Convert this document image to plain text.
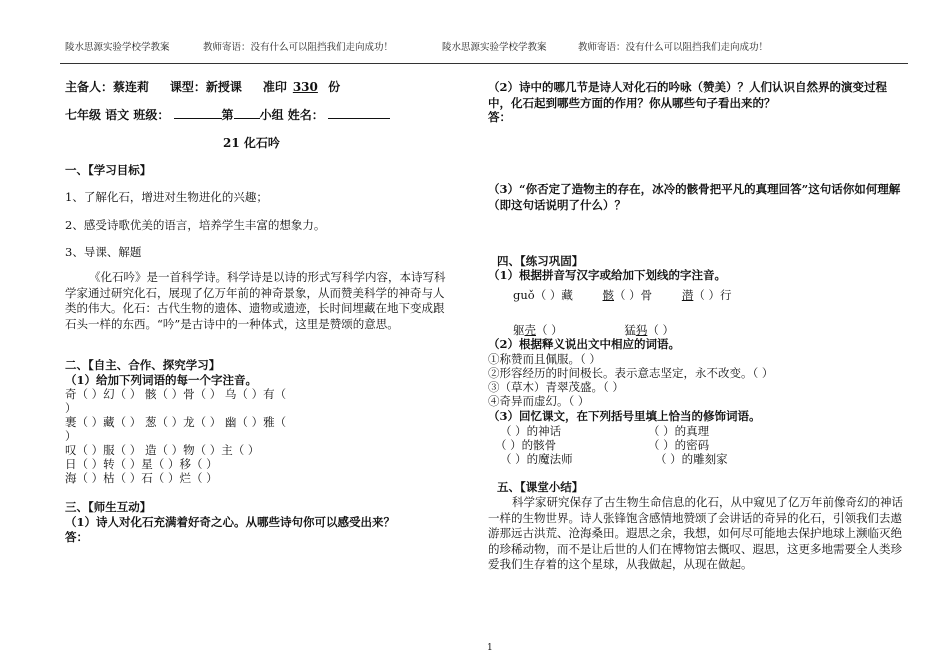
陵水思源实验学校学教案	教师寄语：没有什么可以阻挡我们走向成功！	陵水思源实验学校学教案	教师寄语：没有什么可以阻挡我们走向成功！
主备人：蔡连莉 课型：新授课 准印 330 份
七年级 语文 班级：	第 小组 姓名：
21 化石吟
一、【学习目标】
1、了解化石，增进对生物进化的兴趣；
2、感受诗歌优美的语言，培养学生丰富的想象力。
3、导课、解题
《化石吟》是一首科学诗。科学诗是以诗的形式写科学内容，本诗写科学家通过研究化石，展现了亿万年前的神奇景象，从而赞美科学的神奇与人类的伟大。化石：古代生物的遗体、遗物或遗迹，长时间埋藏在地下变成跟石头一样的东西。“吟”是古诗中的一种体式，这里是赞颂的意思。
二、【自主、合作、探究学习】
（1）给加下列词语的每一个字注音。
奇（ ）幻（ ） 骸（ ）骨（ ） 乌（ ）有（
）
裹（ ）藏（ ） 葱（ ）龙（ ） 幽（ ）雅（
）
叹（ ）服（ ） 造（ ）物（ ）主（ ）
日（ ）转（ ）星（ ）移（ ）
海（ ）枯（ ）石（ ）烂（ ）
三、【师生互动】
（1）诗人对化石充满着好奇之心。从哪些诗句你可以感受出来？
答：
（2）诗中的哪几节是诗人对化石的吟咏（赞美）？人们认识自然界的演变过程中，化石起到哪些方面的作用？你从哪些句子看出来的？
答：
（3）“你否定了造物主的存在，冰冷的骸骨把平凡的真理回答”这句话你如何理解（即这句话说明了什么）？
四、【练习巩固】
（1）根据拼音写汉字或给加下划线的字注音。
guǒ（ ）藏	骸（ ）骨	潜（ ）行
躯壳（ ）	猛犸（ ）
（2）根据释义说出文中相应的词语。
①称赞而且佩服。（ ）
②形容经历的时间极长。表示意志坚定，永不改变。（ ）
③（草木）青翠茂盛。（ ）
④奇异而虚幻。（ ）
（3）回忆课文，在下列括号里填上恰当的修饰词语。
（ ）的神话	（ ）的真理
（ ）的骸骨	（ ）的密码
（ ）的魔法师	（ ）的雕刻家
五、【课堂小结】
科学家研究保存了古生物生命信息的化石，从中窥见了亿万年前像奇幻的神话一样的生物世界。诗人张锋饱含感情地赞颂了会讲话的奇异的化石，引领我们去遨游那远古洪荒、沧海桑田。遐思之余，我想，如何尽可能地去保护地球上濒临灭绝的珍稀动物，而不是让后世的人们在博物馆去慨叹、遐思，这更多地需要全人类珍爱我们生存着的这个星球，从我做起，从现在做起。
1
